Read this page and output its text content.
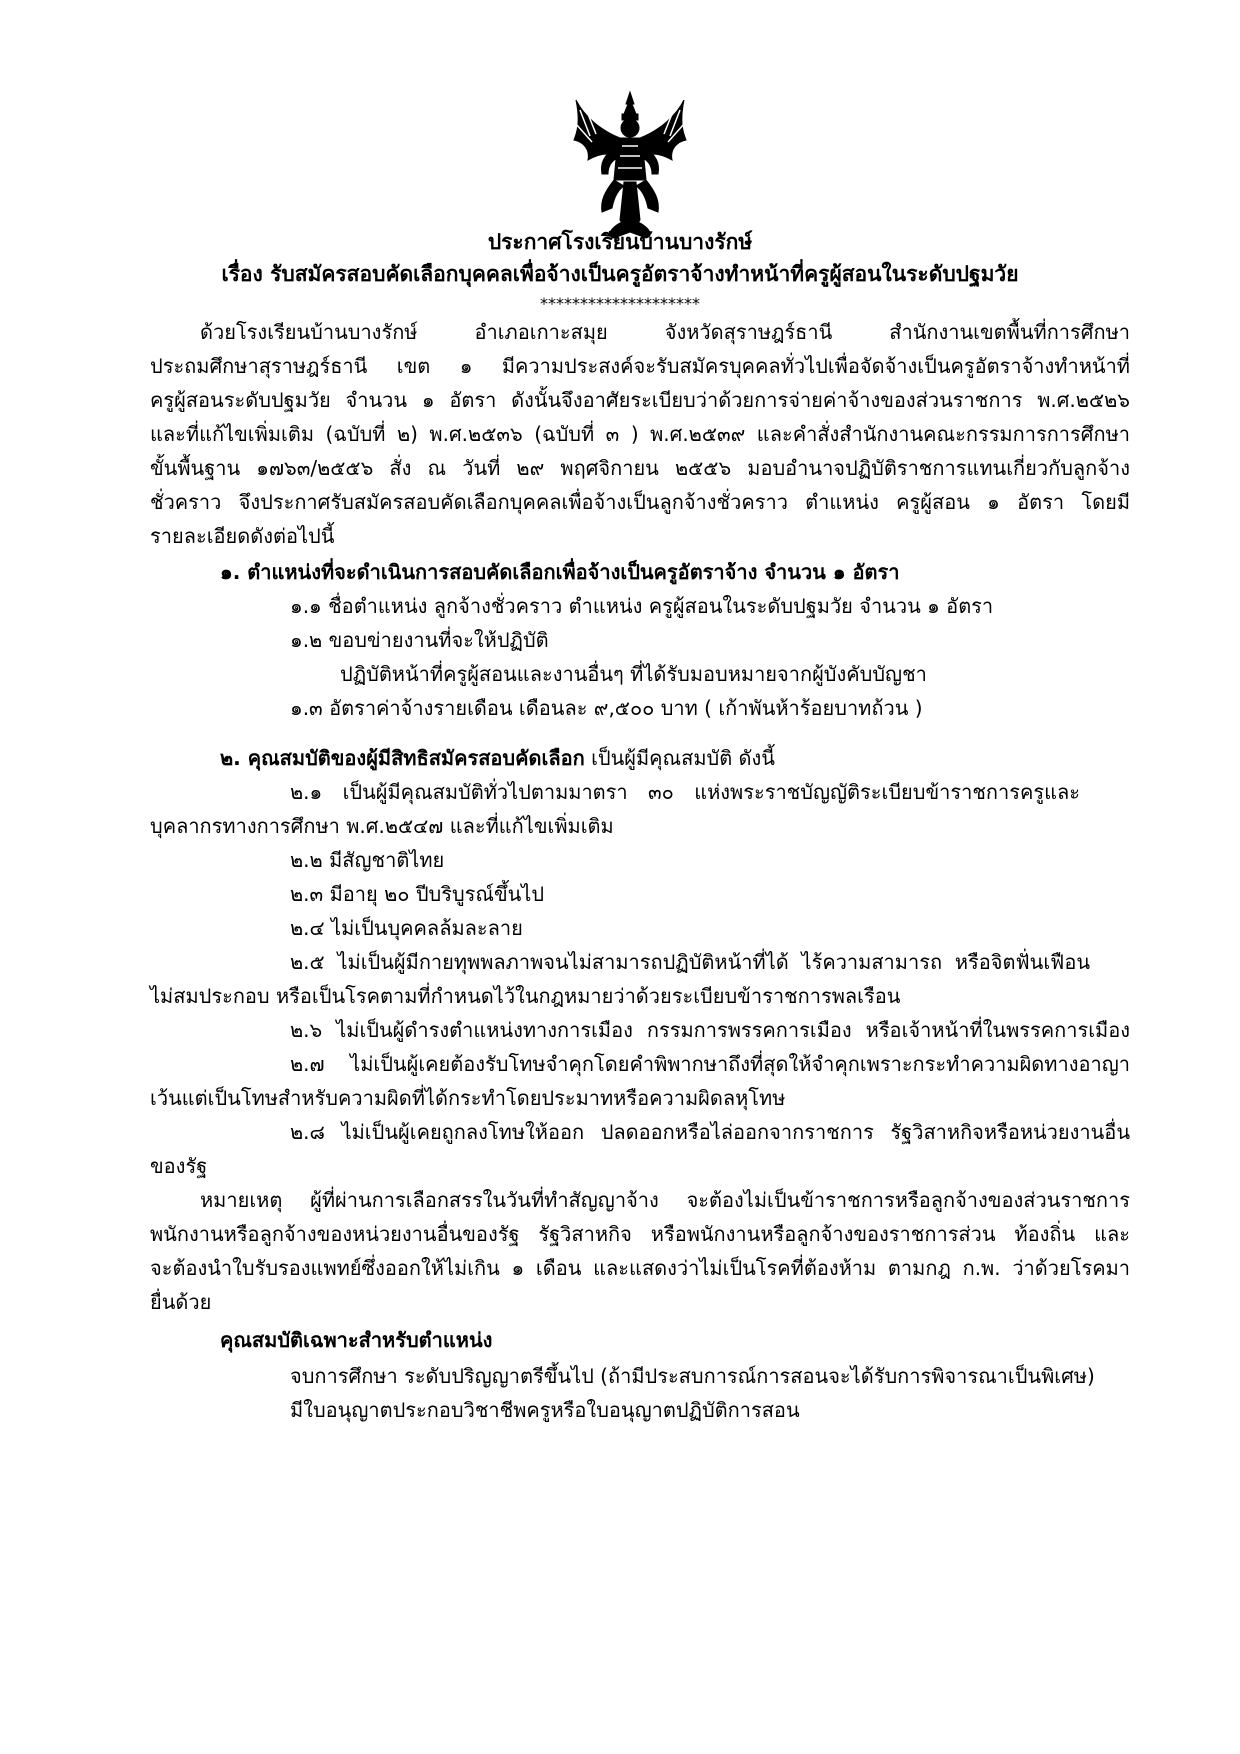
ประกาศโรงเรียนบ้านบางรักษ์
เรื่อง รับสมัครสอบคัดเลือกบุคคลเพื่อจ้างเป็นครูอัตราจ้างทำหน้าที่ครูผู้สอนในระดับปฐมวัย
********************
ด้วยโรงเรียนบ้านบางรักษ์ อำเภอเกาะสมุย จังหวัดสุราษฎร์ธานี สำนักงานเขตพื้นที่การศึกษา
ประถมศึกษาสุราษฎร์ธานี เขต ๑ มีความประสงค์จะรับสมัครบุคคลทั่วไปเพื่อจัดจ้างเป็นครูอัตราจ้างทำหน้าที่
ครูผู้สอนระดับปฐมวัย จำนวน ๑ อัตรา ดังนั้นจึงอาศัยระเบียบว่าด้วยการจ่ายค่าจ้างของส่วนราชการ พ.ศ.๒๕๒๖
และที่แก้ไขเพิ่มเติม (ฉบับที่ ๒) พ.ศ.๒๕๓๖ (ฉบับที่ ๓ ) พ.ศ.๒๕๓๙ และคำสั่งสำนักงานคณะกรรมการการศึกษา
ขั้นพื้นฐาน ๑๗๖๓/๒๕๕๖ สั่ง ณ วันที่ ๒๙ พฤศจิกายน ๒๕๕๖ มอบอำนาจปฏิบัติราชการแทนเกี่ยวกับลูกจ้าง
ชั่วคราว จึงประกาศรับสมัครสอบคัดเลือกบุคคลเพื่อจ้างเป็นลูกจ้างชั่วคราว ตำแหน่ง ครูผู้สอน ๑ อัตรา โดยมี
รายละเอียดดังต่อไปนี้
๑. ตำแหน่งที่จะดำเนินการสอบคัดเลือกเพื่อจ้างเป็นครูอัตราจ้าง จำนวน ๑ อัตรา
๑.๑ ชื่อตำแหน่ง ลูกจ้างชั่วคราว ตำแหน่ง ครูผู้สอนในระดับปฐมวัย จำนวน ๑ อัตรา
๑.๒ ขอบข่ายงานที่จะให้ปฏิบัติ
ปฏิบัติหน้าที่ครูผู้สอนและงานอื่นๆ ที่ได้รับมอบหมายจากผู้บังคับบัญชา
๑.๓ อัตราค่าจ้างรายเดือน เดือนละ ๙,๕๐๐ บาท ( เก้าพันห้าร้อยบาทถ้วน )
๒. คุณสมบัติของผู้มีสิทธิสมัครสอบคัดเลือก เป็นผู้มีคุณสมบัติ ดังนี้
๒.๑ เป็นผู้มีคุณสมบัติทั่วไปตามมาตรา ๓๐ แห่งพระราชบัญญัติระเบียบข้าราชการครูและ
บุคลากรทางการศึกษา พ.ศ.๒๕๔๗ และที่แก้ไขเพิ่มเติม
๒.๒ มีสัญชาติไทย
๒.๓ มีอายุ ๒๐ ปีบริบูรณ์ขึ้นไป
๒.๔ ไม่เป็นบุคคลล้มละลาย
๒.๕ ไม่เป็นผู้มีกายทุพพลภาพจนไม่สามารถปฏิบัติหน้าที่ได้ ไร้ความสามารถ หรือจิตฟั่นเฟือน
ไม่สมประกอบ หรือเป็นโรคตามที่กำหนดไว้ในกฎหมายว่าด้วยระเบียบข้าราชการพลเรือน
๒.๖ ไม่เป็นผู้ดำรงตำแหน่งทางการเมือง กรรมการพรรคการเมือง หรือเจ้าหน้าที่ในพรรคการเมือง
๒.๗ ไม่เป็นผู้เคยต้องรับโทษจำคุกโดยคำพิพากษาถึงที่สุดให้จำคุกเพราะกระทำความผิดทางอาญา
เว้นแต่เป็นโทษสำหรับความผิดที่ได้กระทำโดยประมาทหรือความผิดลหุโทษ
๒.๘ ไม่เป็นผู้เคยถูกลงโทษให้ออก ปลดออกหรือไล่ออกจากราชการ รัฐวิสาหกิจหรือหน่วยงานอื่น
ของรัฐ
หมายเหตุ ผู้ที่ผ่านการเลือกสรรในวันที่ทำสัญญาจ้าง จะต้องไม่เป็นข้าราชการหรือลูกจ้างของส่วนราชการ
พนักงานหรือลูกจ้างของหน่วยงานอื่นของรัฐ รัฐวิสาหกิจ หรือพนักงานหรือลูกจ้างของราชการส่วน ท้องถิ่น และ
จะต้องนำใบรับรองแพทย์ซึ่งออกให้ไม่เกิน ๑ เดือน และแสดงว่าไม่เป็นโรคที่ต้องห้าม ตามกฎ ก.พ. ว่าด้วยโรคมา
ยื่นด้วย
คุณสมบัติเฉพาะสำหรับตำแหน่ง
จบการศึกษา ระดับปริญญาตรีขึ้นไป (ถ้ามีประสบการณ์การสอนจะได้รับการพิจารณาเป็นพิเศษ)
มีใบอนุญาตประกอบวิชาชีพครูหรือใบอนุญาตปฏิบัติการสอน
